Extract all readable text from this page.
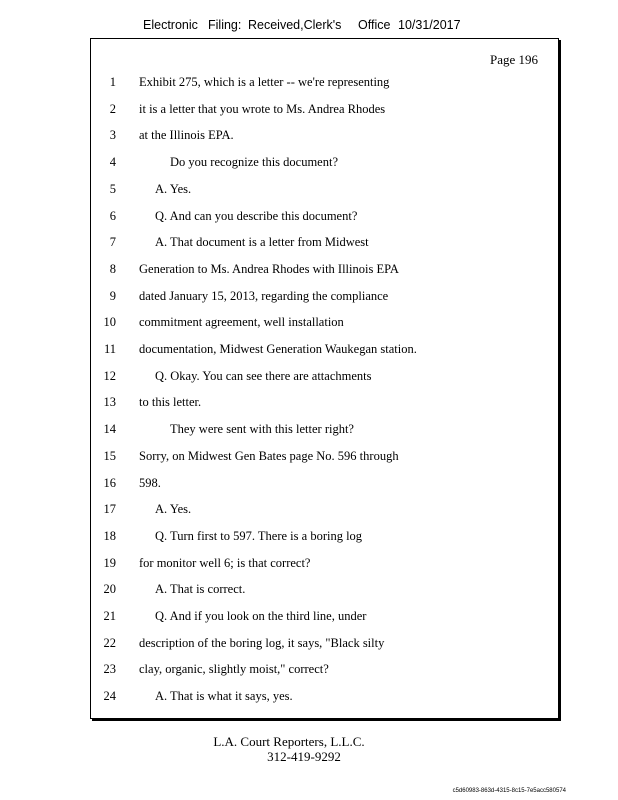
Electronic Filing: Received,Clerk's Office 10/31/2017
Page 196
1 Exhibit 275, which is a letter -- we're representing
2 it is a letter that you wrote to Ms. Andrea Rhodes
3 at the Illinois EPA.
4	Do you recognize this document?
5	A. Yes.
6	Q. And can you describe this document?
7	A. That document is a letter from Midwest
8 Generation to Ms. Andrea Rhodes with Illinois EPA
9 dated January 15, 2013, regarding the compliance
10 commitment agreement, well installation
11 documentation, Midwest Generation Waukegan station.
12	Q. Okay. You can see there are attachments
13 to this letter.
14	They were sent with this letter right?
15 Sorry, on Midwest Gen Bates page No. 596 through
16 598.
17	A. Yes.
18	Q. Turn first to 597. There is a boring log
19 for monitor well 6; is that correct?
20	A. That is correct.
21	Q. And if you look on the third line, under
22 description of the boring log, it says, "Black silty
23 clay, organic, slightly moist," correct?
24	A. That is what it says, yes.
L.A. Court Reporters, L.L.C.
312-419-9292
c5d60983-863d-4315-8c15-7e5acc580574
